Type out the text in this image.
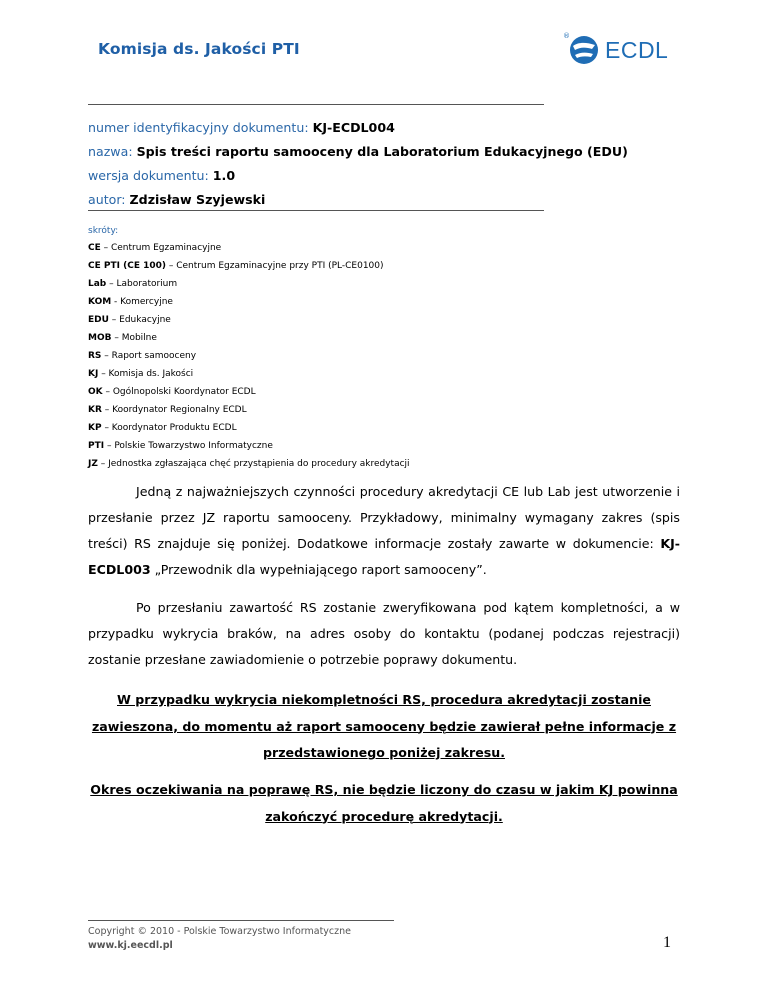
Komisja ds. Jakości PTI
®
ECDL
numer identyfikacyjny dokumentu: KJ-ECDL004
nazwa: Spis treści raportu samooceny dla Laboratorium Edukacyjnego (EDU)
wersja dokumentu: 1.0
autor: Zdzisław Szyjewski
skróty:
CE – Centrum Egzaminacyjne
CE PTI (CE 100) – Centrum Egzaminacyjne przy PTI (PL-CE0100)
Lab – Laboratorium
KOM - Komercyjne
EDU – Edukacyjne
MOB – Mobilne
RS – Raport samooceny
KJ – Komisja ds. Jakości
OK – Ogólnopolski Koordynator ECDL
KR – Koordynator Regionalny ECDL
KP – Koordynator Produktu ECDL
PTI – Polskie Towarzystwo Informatyczne
JZ – Jednostka zgłaszająca chęć przystąpienia do procedury akredytacji
Jedną z najważniejszych czynności procedury akredytacji CE lub Lab jest utworzenie i przesłanie przez JZ raportu samooceny. Przykładowy, minimalny wymagany zakres (spis treści) RS znajduje się poniżej. Dodatkowe informacje zostały zawarte w dokumencie: KJ-ECDL003 „Przewodnik dla wypełniającego raport samooceny”.
Po przesłaniu zawartość RS zostanie zweryfikowana pod kątem kompletności, a w przypadku wykrycia braków, na adres osoby do kontaktu (podanej podczas rejestracji) zostanie przesłane zawiadomienie o potrzebie poprawy dokumentu.
W przypadku wykrycia niekompletności RS, procedura akredytacji zostanie zawieszona, do momentu aż raport samooceny będzie zawierał pełne informacje z przedstawionego poniżej zakresu.
Okres oczekiwania na poprawę RS, nie będzie liczony do czasu w jakim KJ powinna zakończyć procedurę akredytacji.
Copyright © 2010 - Polskie Towarzystwo Informatyczne
www.kj.eecdl.pl	1
